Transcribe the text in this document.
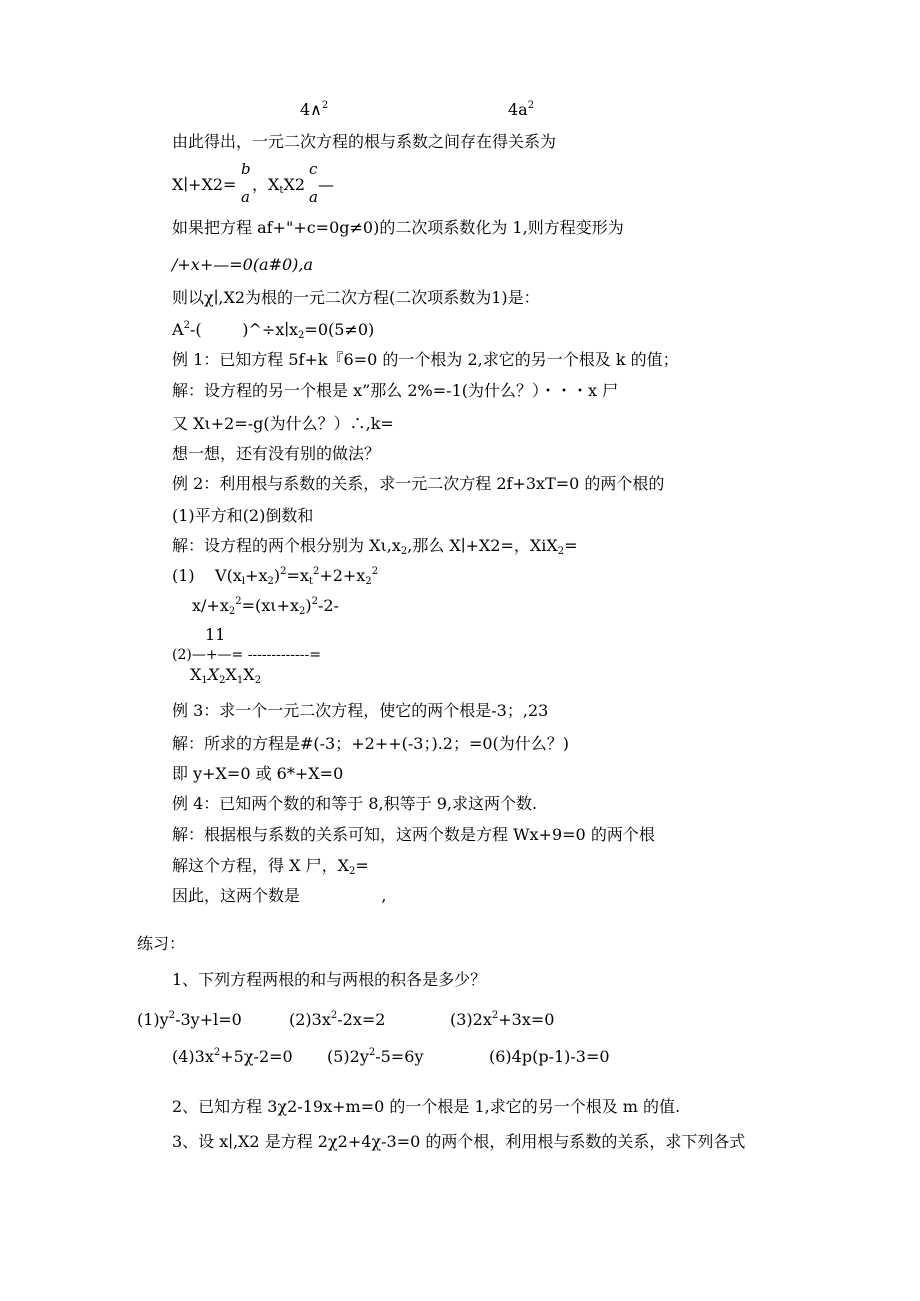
4∧$^2$	$4a^2$
由此得出，一元二次方程的根与系数之间存在得关系为
X∣+X2=
b
a
，$X_tX2$
c
a
—
如果把方程 af+"+c=0g≠0)的二次项系数化为 1,则方程变形为
∕+x+—=0(a#0),a
则以χ∣,X2为根的一元二次方程(二次项系数为1)是：
$A^2-$(        )$\^{}\div x∣x_2=0(5\ne 0)$
例 1：已知方程 5f+k『6=0 的一个根为 2,求它的另一个根及 k 的值；
解：设方程的另一个根是 x”那么 2%=-1(为什么？）・・・x 尸
又 Xι+2=-g(为什么？）∴,k=
想一想，还有没有别的做法？
例 2：利用根与系数的关系，求一元二次方程 2f+3xT=0 的两个根的
(1)平方和(2)倒数和
解：设方程的两个根分别为 $X\iota,x_2$,那么 X∣+X2=，XiX$_2$=
(1)    $V(x_l+x_2)^2=x_t^2+2+x_2^2$
$x∕+x_2^2=(x\iota+x_2)^2-2-$
11
(2)—+—= -------------=
$X_1X_2X_1X_2$
例 3：求一个一元二次方程，使它的两个根是-3；,23
解：所求的方程是#(-3；+2++(-3；).2；=0(为什么？)
即 y+X=0 或 6*+X=0
例 4：已知两个数的和等于 8,积等于 9,求这两个数.
解：根据根与系数的关系可知，这两个数是方程 Wx+9=0 的两个根
解这个方程，得 X 尸，$X_2=$
因此，这两个数是                ,
练习：
1、下列方程两根的和与两根的积各是多少？
$(1)y^2-3y+l=0$	$(2)3x^2-2x=2$	$(3)2x^2+3x=0$
$(4)3x^2+5\chi-2=0$ $(5)2y^2-5=6y$	(6)4p(p-1)-3=0
2、已知方程 3χ2-19x+m=0 的一个根是 1,求它的另一个根及 m 的值.
3、设 x∣,X2 是方程 2χ2+4χ-3=0 的两个根，利用根与系数的关系，求下列各式
